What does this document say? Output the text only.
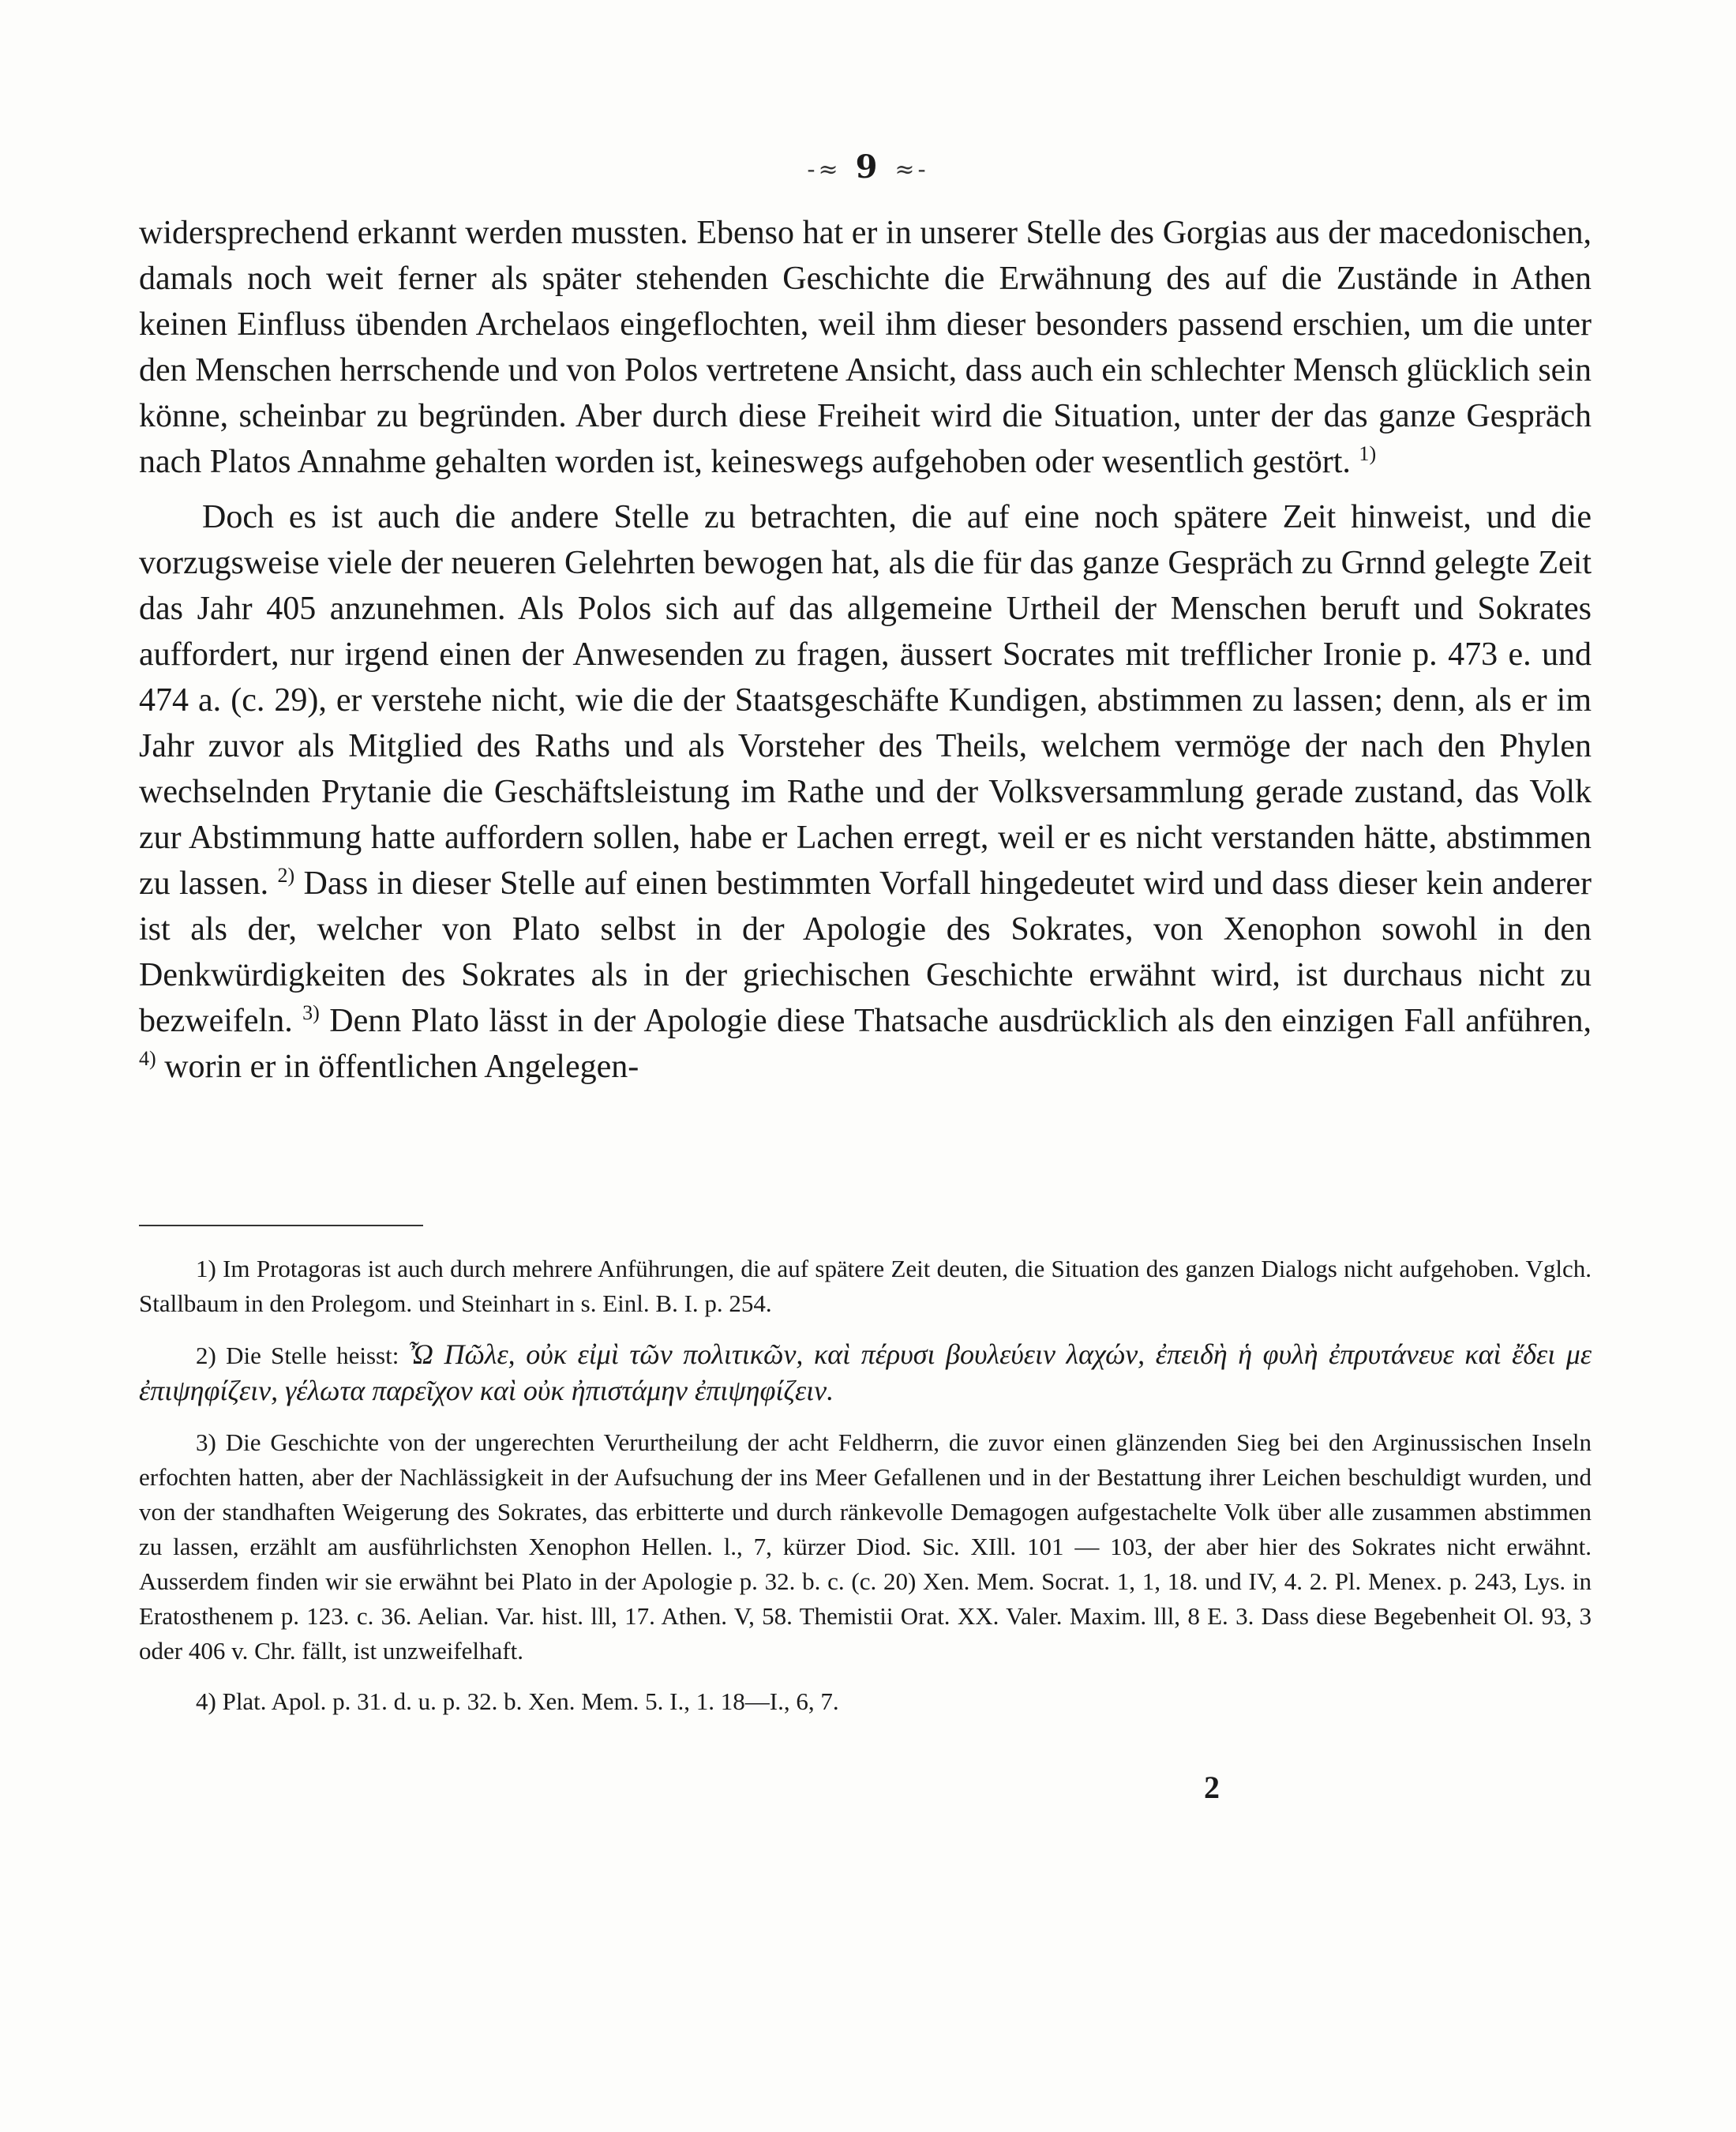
-≈ 9 ≈-

widersprechend erkannt werden mussten. Ebenso hat er in unserer Stelle des Gorgias aus der macedonischen, damals noch weit ferner als später stehenden Geschichte die Erwähnung des auf die Zustände in Athen keinen Einfluss übenden Archelaos eingeflochten, weil ihm dieser besonders passend erschien, um die unter den Menschen herrschende und von Polos vertretene Ansicht, dass auch ein schlechter Mensch glücklich sein könne, scheinbar zu begründen. Aber durch diese Freiheit wird die Situation, unter der das ganze Gespräch nach Platos Annahme gehalten worden ist, keineswegs aufgehoben oder wesentlich gestört. $^{1)}$

Doch es ist auch die andere Stelle zu betrachten, die auf eine noch spätere Zeit hinweist, und die vorzugsweise viele der neueren Gelehrten bewogen hat, als die für das ganze Gespräch zu Grnnd gelegte Zeit das Jahr 405 anzunehmen. Als Polos sich auf das allgemeine Urtheil der Menschen beruft und Sokrates auffordert, nur irgend einen der Anwesenden zu fragen, äussert Socrates mit trefflicher Ironie p. 473 e. und 474 a. (c. 29), er verstehe nicht, wie die der Staatsgeschäfte Kundigen, abstimmen zu lassen; denn, als er im Jahr zuvor als Mitglied des Raths und als Vorsteher des Theils, welchem vermöge der nach den Phylen wechselnden Prytanie die Geschäftsleistung im Rathe und der Volksversammlung gerade zustand, das Volk zur Abstimmung hatte auffordern sollen, habe er Lachen erregt, weil er es nicht verstanden hätte, abstimmen zu lassen. $^{2)}$ Dass in dieser Stelle auf einen bestimmten Vorfall hingedeutet wird und dass dieser kein anderer ist als der, welcher von Plato selbst in der Apologie des Sokrates, von Xenophon sowohl in den Denkwürdigkeiten des Sokrates als in der griechischen Geschichte erwähnt wird, ist durchaus nicht zu bezweifeln. $^{3)}$ Denn Plato lässt in der Apologie diese Thatsache ausdrücklich als den einzigen Fall anführen, $^{4)}$ worin er in öffentlichen Angelegen-

1) Im Protagoras ist auch durch mehrere Anführungen, die auf spätere Zeit deuten, die Situation des ganzen Dialogs nicht aufgehoben. Vglch. Stallbaum in den Prolegom. und Steinhart in s. Einl. B. I. p. 254.

2) Die Stelle heisst: Ὦ Πῶλε, οὐκ εἰμὶ τῶν πολιτικῶν, καὶ πέρυσι βουλεύειν λαχών, ἐπειδὴ ἡ φυλὴ ἐπρυτάνευε καὶ ἔδει με ἐπιψηφίζειν, γέλωτα παρεῖχον καὶ οὐκ ἠπιστάμην ἐπιψηφίζειν.

3) Die Geschichte von der ungerechten Verurtheilung der acht Feldherrn, die zuvor einen glänzenden Sieg bei den Arginussischen Inseln erfochten hatten, aber der Nachlässigkeit in der Aufsuchung der ins Meer Gefallenen und in der Bestattung ihrer Leichen beschuldigt wurden, und von der standhaften Weigerung des Sokrates, das erbitterte und durch ränkevolle Demagogen aufgestachelte Volk über alle zusammen abstimmen zu lassen, erzählt am ausführlichsten Xenophon Hellen. l., 7, kürzer Diod. Sic. XIll. 101 — 103, der aber hier des Sokrates nicht erwähnt. Ausserdem finden wir sie erwähnt bei Plato in der Apologie p. 32. b. c. (c. 20) Xen. Mem. Socrat. 1, 1, 18. und IV, 4. 2. Pl. Menex. p. 243, Lys. in Eratosthenem p. 123. c. 36. Aelian. Var. hist. lll, 17. Athen. V, 58. Themistii Orat. XX. Valer. Maxim. lll, 8 E. 3. Dass diese Begebenheit Ol. 93, 3 oder 406 v. Chr. fällt, ist unzweifelhaft.

4) Plat. Apol. p. 31. d. u. p. 32. b. Xen. Mem. 5. I., 1. 18—I., 6, 7.

2
